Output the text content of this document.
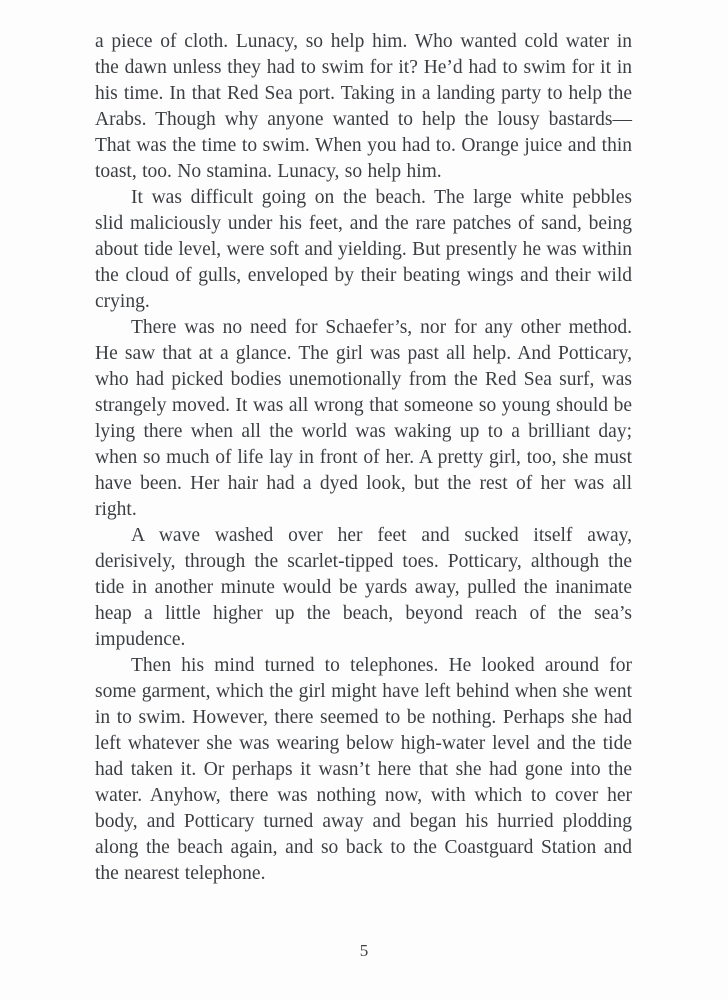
a piece of cloth. Lunacy, so help him. Who wanted cold water in the dawn unless they had to swim for it? He’d had to swim for it in his time. In that Red Sea port. Taking in a landing party to help the Arabs. Though why anyone wanted to help the lousy bastards—That was the time to swim. When you had to. Orange juice and thin toast, too. No stamina. Lunacy, so help him.

It was difficult going on the beach. The large white pebbles slid maliciously under his feet, and the rare patches of sand, being about tide level, were soft and yielding. But presently he was within the cloud of gulls, enveloped by their beating wings and their wild crying.

There was no need for Schaefer’s, nor for any other method. He saw that at a glance. The girl was past all help. And Potticary, who had picked bodies unemotionally from the Red Sea surf, was strangely moved. It was all wrong that someone so young should be lying there when all the world was waking up to a brilliant day; when so much of life lay in front of her. A pretty girl, too, she must have been. Her hair had a dyed look, but the rest of her was all right.

A wave washed over her feet and sucked itself away, derisively, through the scarlet-tipped toes. Potticary, although the tide in another minute would be yards away, pulled the inanimate heap a little higher up the beach, beyond reach of the sea’s impudence.

Then his mind turned to telephones. He looked around for some garment, which the girl might have left behind when she went in to swim. However, there seemed to be nothing. Perhaps she had left whatever she was wearing below high-water level and the tide had taken it. Or perhaps it wasn’t here that she had gone into the water. Anyhow, there was nothing now, with which to cover her body, and Potticary turned away and began his hurried plodding along the beach again, and so back to the Coastguard Station and the nearest telephone.

5
